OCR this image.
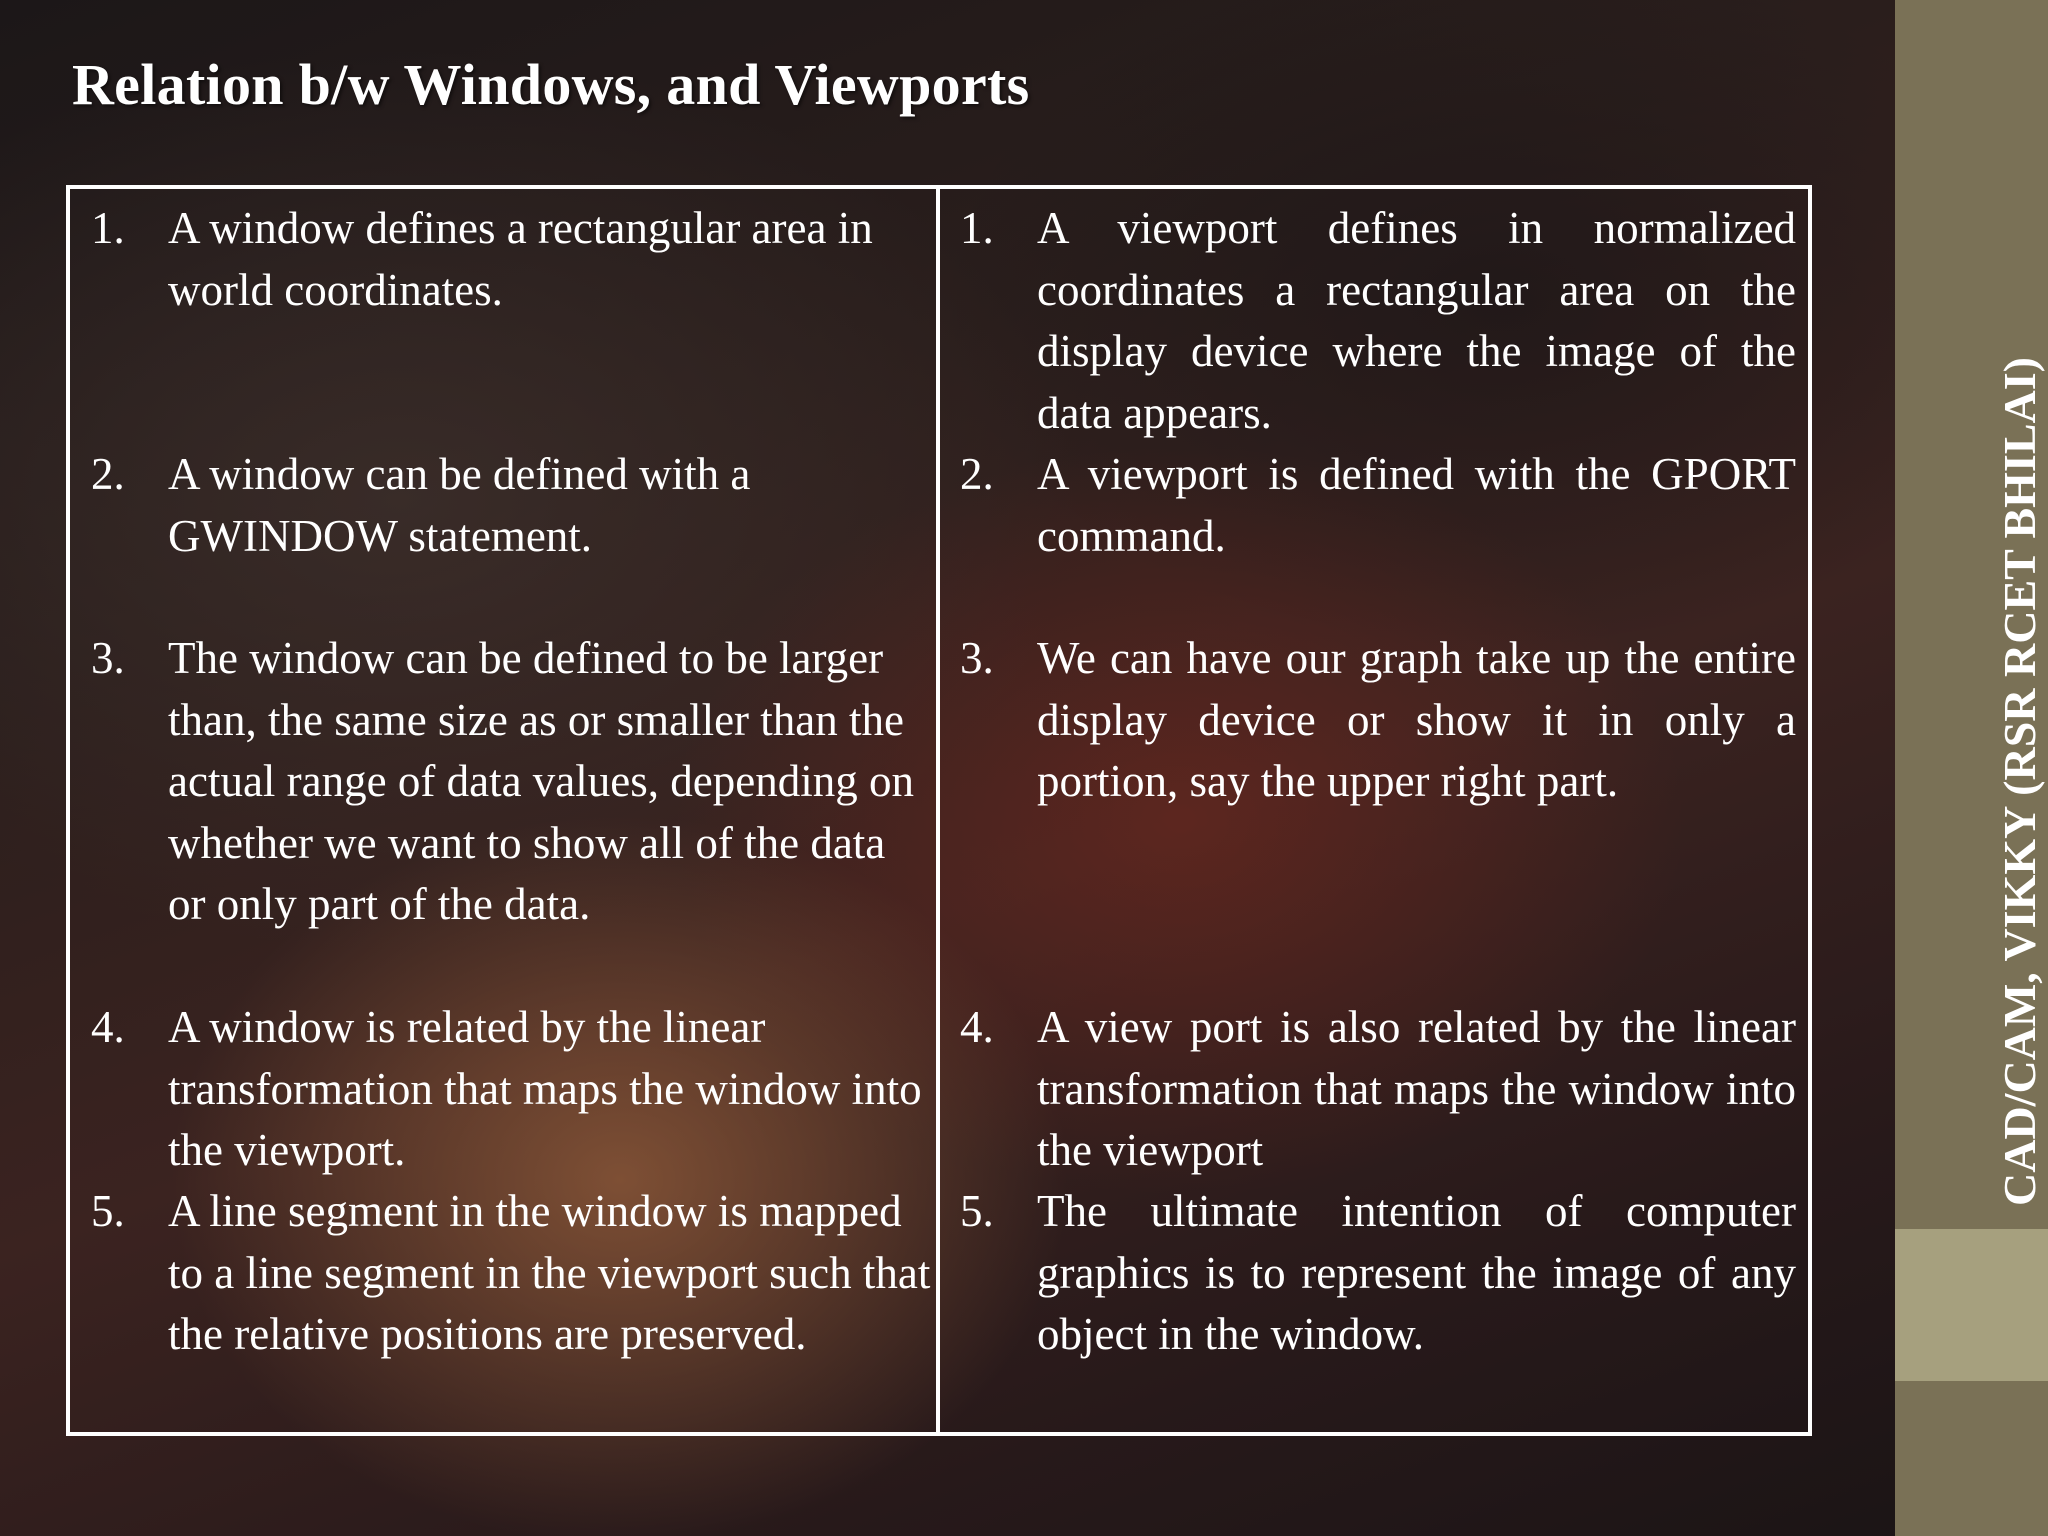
Relation b/w Windows, and Viewports
1. A window defines a rectangular area in world coordinates.
2. A window can be defined with a GWINDOW statement.
3. The window can be defined to be larger than, the same size as or smaller than the actual range of data values, depending on whether we want to show all of the data or only part of the data.
4. A window is related by the linear transformation that maps the window into the viewport.
5. A line segment in the window is mapped to a line segment in the viewport such that the relative positions are preserved.
1. A viewport defines in normalized coordinates a rectangular area on the display device where the image of the data appears.
2. A viewport is defined with the GPORT command.
3. We can have our graph take up the entire display device or show it in only a portion, say the upper right part.
4. A view port is also related by the linear transformation that maps the window into the viewport
5. The ultimate intention of computer graphics is to represent the image of any object in the window.
CAD/CAM, VIKKY (RSR RCET BHILAI)
